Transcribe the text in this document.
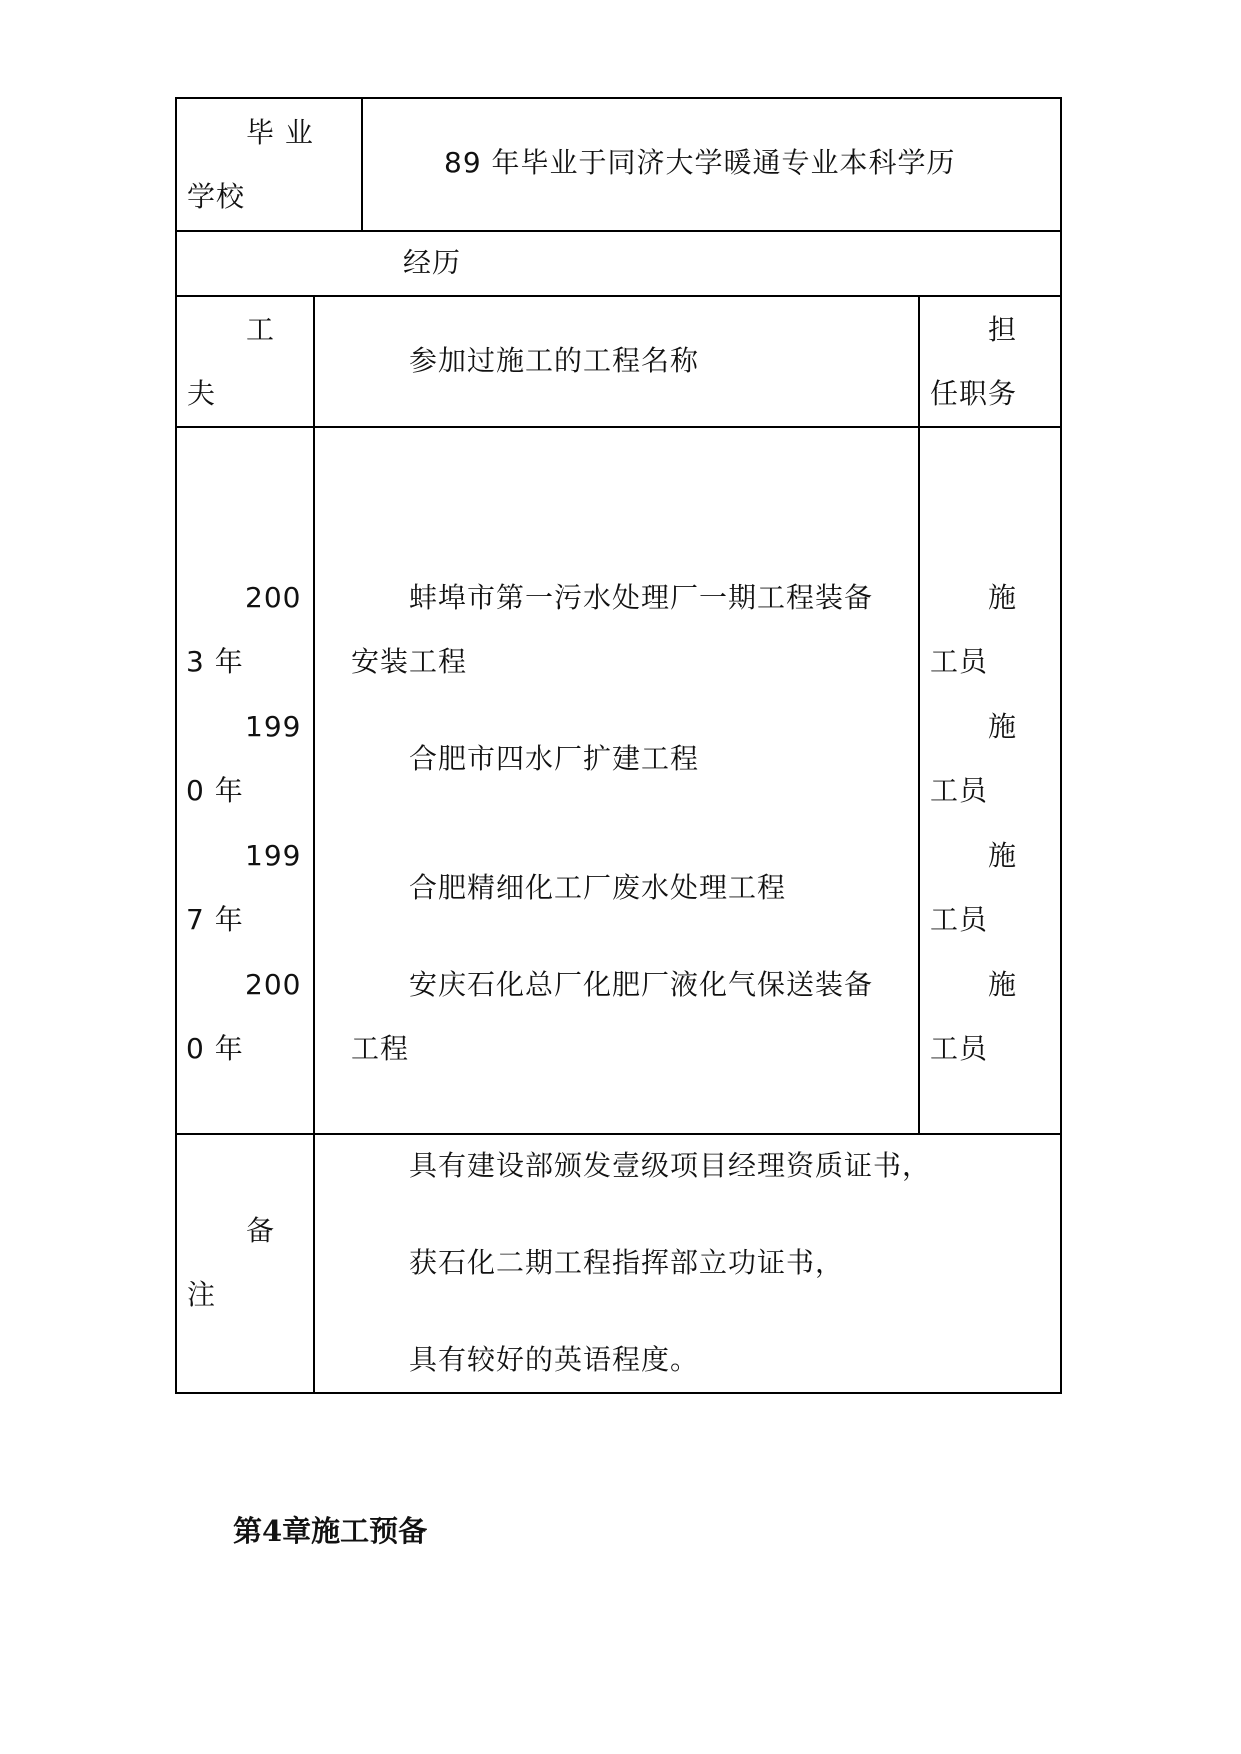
毕 业
学校
89 年毕业于同济大学暖通专业本科学历
经历
工
夫
参加过施工的工程名称
担
任职务
200
3 年
蚌埠市第一污水处理厂一期工程装备
安装工程
施
工员
199
0 年
合肥市四水厂扩建工程
施
工员
199
7 年
合肥精细化工厂废水处理工程
施
工员
200
0 年
安庆石化总厂化肥厂液化气保送装备
工程
施
工员
备
注
具有建设部颁发壹级项目经理资质证书，
获石化二期工程指挥部立功证书，
具有较好的英语程度。
第4章施工预备
